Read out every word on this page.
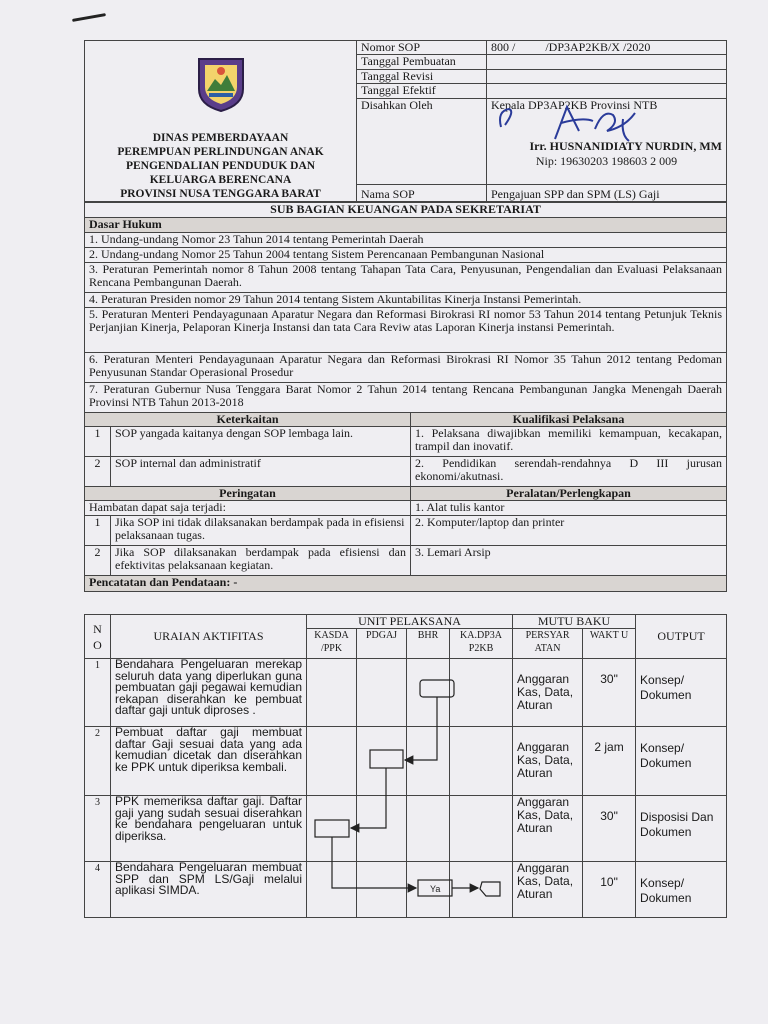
DINAS PEMBERDAYAAN
PEREMPUAN PERLINDUNGAN ANAK
PENGENDALIAN PENDUDUK DAN
KELUARGA BERENCANA
PROVINSI NUSA TENGGARA BARAT	Nomor SOP	800 /          /DP3AP2KB/X /2020
	Tanggal Pembuatan	
	Tanggal Revisi	
	Tanggal Efektif	
	Disahkan Oleh	Kepala DP3AP2KB Provinsi NTB
Irr. HUSNANIDIATY NURDIN, MM
Nip: 19630203 198603 2 009

	Nama SOP	Pengajuan SPP dan SPM (LS) Gaji
SUB BAGIAN KEUANGAN PADA SEKRETARIAT		
Dasar Hukum		
1. Undang-undang Nomor 23 Tahun 2014 tentang Pemerintah Daerah		
2. Undang-undang Nomor 25 Tahun 2004 tentang Sistem Perencanaan Pembangunan Nasional		
3. Peraturan Pemerintah nomor 8 Tahun 2008 tentang Tahapan Tata Cara, Penyusunan, Pengendalian dan Evaluasi Pelaksanaan Rencana Pembangunan Daerah.		
4. Peraturan Presiden nomor 29 Tahun 2014 tentang Sistem Akuntabilitas Kinerja Instansi Pemerintah.		
5. Peraturan Menteri Pendayagunaan Aparatur Negara dan Reformasi Birokrasi RI nomor 53 Tahun 2014 tentang Petunjuk Teknis Perjanjian Kinerja, Pelaporan Kinerja Instansi dan tata Cara Reviw atas Laporan Kinerja instansi Pemerintah.		
6. Peraturan Menteri Pendayagunaan Aparatur Negara dan Reformasi Birokrasi RI Nomor 35 Tahun 2012 tentang Pedoman Penyusunan Standar Operasional Prosedur		
7. Peraturan Gubernur Nusa Tenggara Barat Nomor 2 Tahun 2014 tentang Rencana Pembangunan Jangka Menengah Daerah Provinsi NTB Tahun 2013-2018		
Keterkaitan		Kualifikasi Pelaksana
1	SOP yangada kaitanya dengan SOP lembaga lain.	1. Pelaksana diwajibkan memiliki kemampuan, kecakapan, trampil dan inovatif.
2	SOP internal dan administratif	2. Pendidikan serendah-rendahnya D III jurusan ekonomi/akutnasi.
Peringatan		Peralatan/Perlengkapan
Hambatan dapat saja terjadi:		1. Alat tulis kantor
1	Jika SOP ini tidak dilaksanakan berdampak pada in efisiensi pelaksanaan tugas.	2. Komputer/laptop dan printer
2	Jika SOP dilaksanakan berdampak pada efisiensi dan efektivitas pelaksanaan kegiatan.	3. Lemari Arsip
Pencatatan dan Pendataan: -		
N O	URAIAN AKTIFITAS	UNIT PELAKSANA				MUTU BAKU		OUTPUT
		KASDA /PPK	PDGAJ	BHR	KA.DP3A P2KB	PERSYAR ATAN	WAKT U	
1	Bendahara Pengeluaran merekap seluruh data yang diperlukan guna pembuatan gaji pegawai kemudian rekapan diserahkan ke pembuat daftar gaji untuk diproses .					Anggaran Kas, Data, Aturan	30"	Konsep/ Dokumen
2	Pembuat daftar gaji membuat daftar Gaji sesuai data yang ada kemudian dicetak dan diserahkan ke PPK untuk diperiksa kembali.					Anggaran Kas, Data, Aturan	2 jam	Konsep/ Dokumen
3	PPK memeriksa daftar gaji. Daftar gaji yang sudah sesuai diserahkan ke bendahara pengeluaran untuk diperiksa.					Anggaran Kas, Data, Aturan	30"	Disposisi Dan Dokumen
4	Bendahara Pengeluaran membuat SPP dan SPM LS/Gaji melalui aplikasi SIMDA.					Anggaran Kas, Data, Aturan	10"	Konsep/ Dokumen
Ya
